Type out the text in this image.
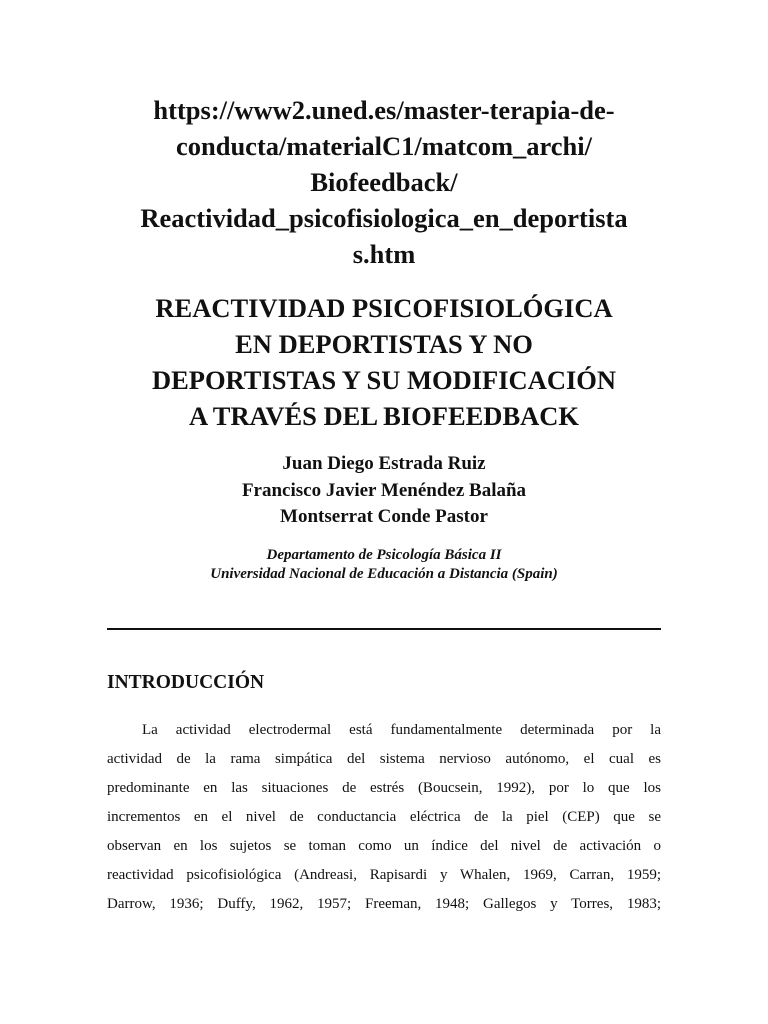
https://www2.uned.es/master-terapia-de-
conducta/materialC1/matcom_archi/
Biofeedback/
Reactividad_psicofisiologica_en_deportista
s.htm
REACTIVIDAD PSICOFISIOLÓGICA
EN DEPORTISTAS Y NO
DEPORTISTAS Y SU MODIFICACIÓN
A TRAVÉS DEL BIOFEEDBACK
Juan Diego Estrada Ruiz
Francisco Javier Menéndez Balaña
Montserrat Conde Pastor
Departamento de Psicología Básica II
Universidad Nacional de Educación a Distancia (Spain)
INTRODUCCIÓN
La actividad electrodermal está fundamentalmente determinada por la
actividad de la rama simpática del sistema nervioso autónomo, el cual es
predominante en las situaciones de estrés (Boucsein, 1992), por lo que los
incrementos en el nivel de conductancia eléctrica de la piel (CEP) que se
observan en los sujetos se toman como un índice del nivel de activación o
reactividad psicofisiológica (Andreasi, Rapisardi y Whalen, 1969, Carran, 1959;
Darrow, 1936; Duffy, 1962, 1957; Freeman, 1948; Gallegos y Torres, 1983;
